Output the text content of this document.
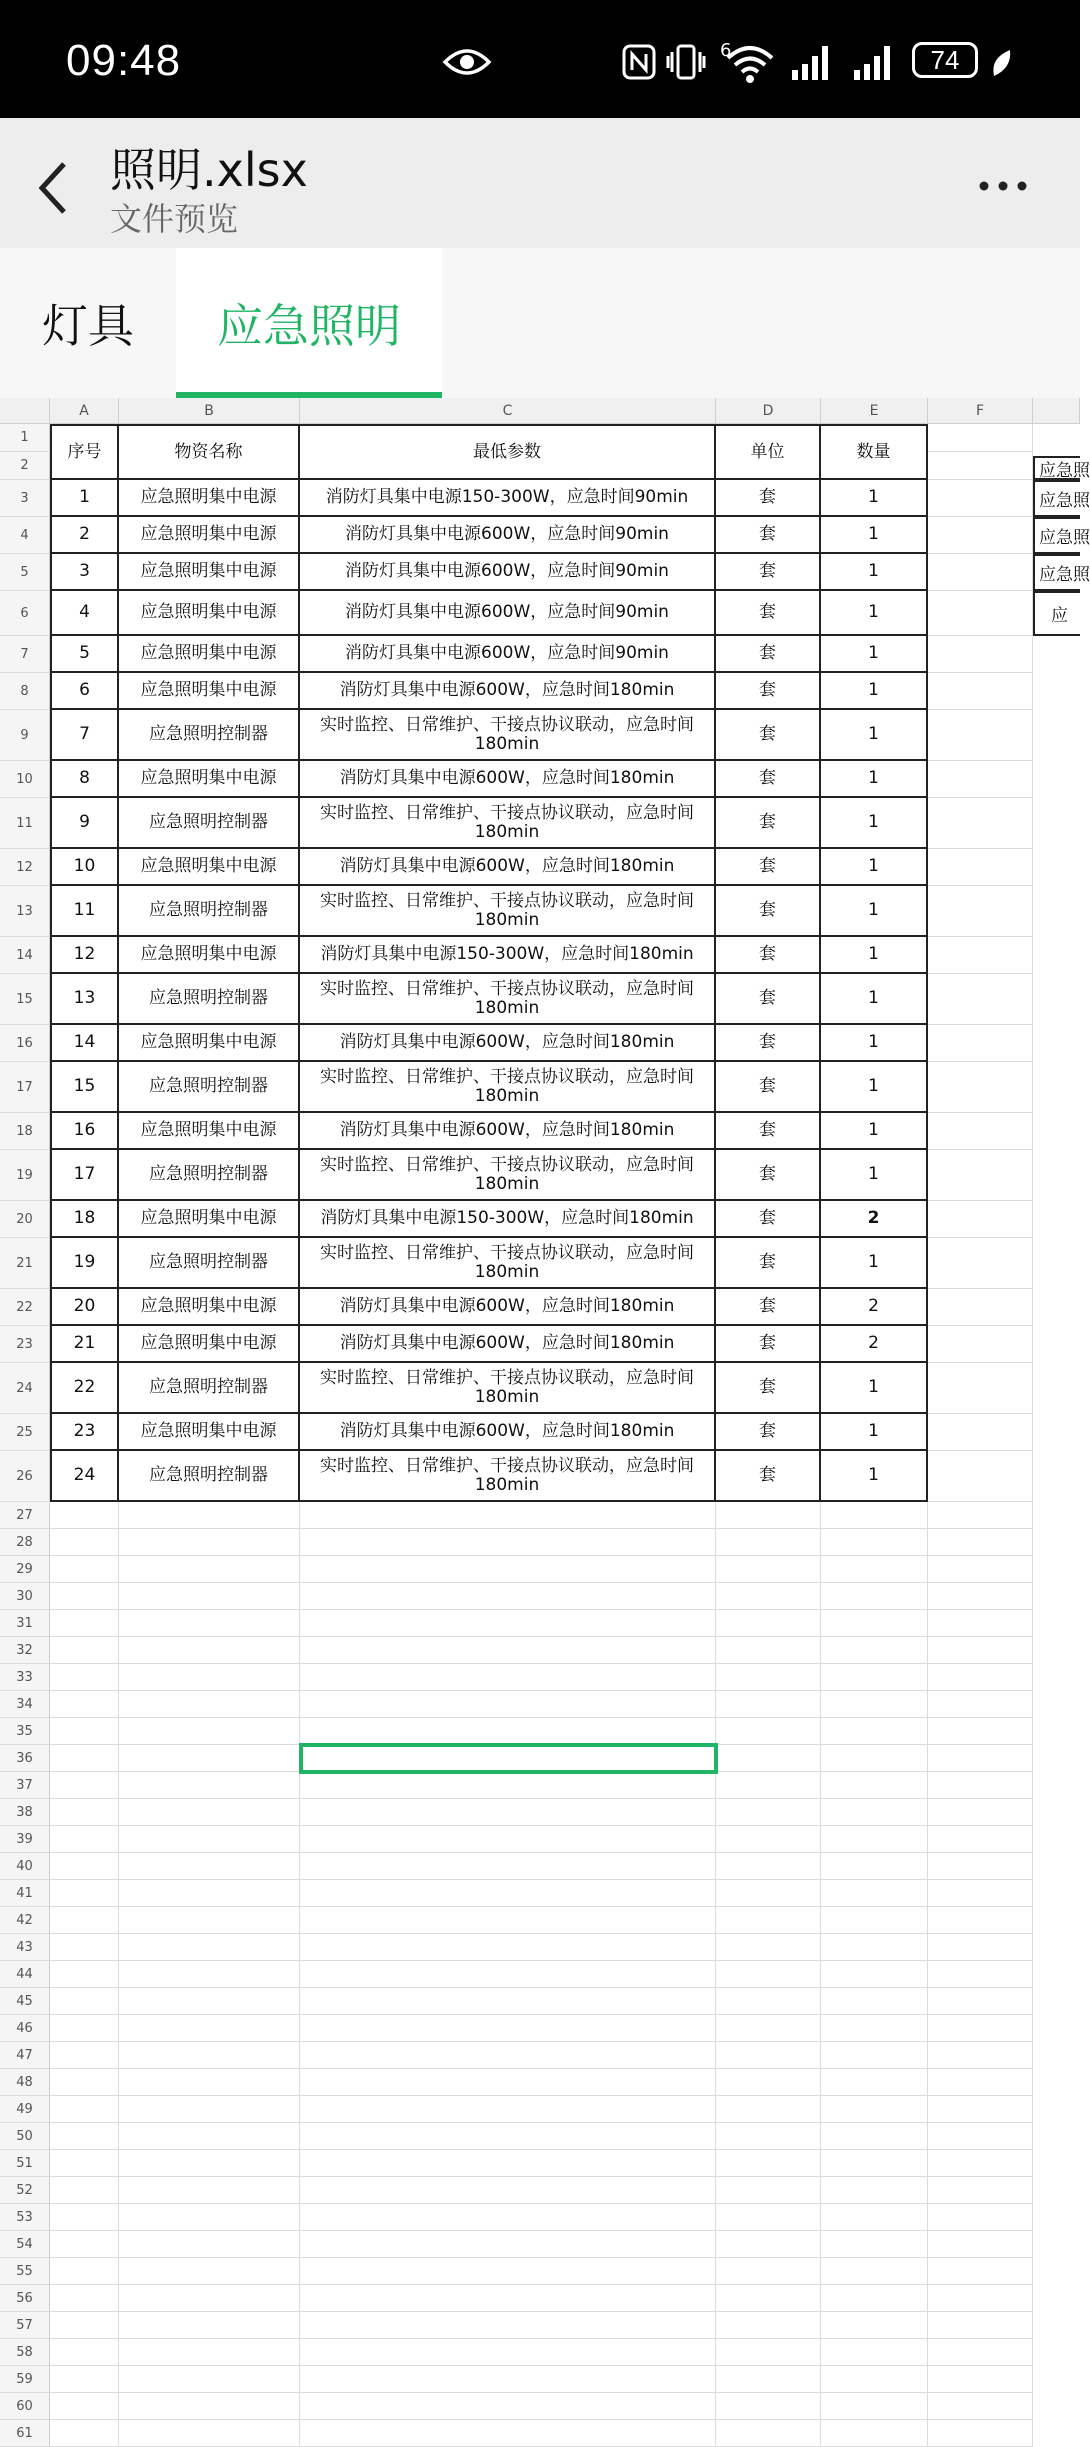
09:48	6	74
照明.xlsx
文件预览
灯具 应急照明
A	B	C	D	E	F
1
2
3
4
5
6
7
8
9
10
11
12
13
14
15
16
17
18
19
20
21
22
23
24
25
26
27
28
29
30
31
32
33
34
35
36
37
38
39
40
41
42
43
44
45
46
47
48
49
50
51
52
53
54
55
56
57
58
59
60
61
序号	物资名称	最低参数	单位	数量
1	应急照明集中电源	消防灯具集中电源150-300W，应急时间90min	套	1
2	应急照明集中电源	消防灯具集中电源600W，应急时间90min	套	1
3	应急照明集中电源	消防灯具集中电源600W，应急时间90min	套	1
4	应急照明集中电源	消防灯具集中电源600W，应急时间90min	套	1
5	应急照明集中电源	消防灯具集中电源600W，应急时间90min	套	1
6	应急照明集中电源	消防灯具集中电源600W，应急时间180min	套	1
7	应急照明控制器	实时监控、日常维护、干接点协议联动，应急时间180min	套	1
8	应急照明集中电源	消防灯具集中电源600W，应急时间180min	套	1
9	应急照明控制器	实时监控、日常维护、干接点协议联动，应急时间180min	套	1
10	应急照明集中电源	消防灯具集中电源600W，应急时间180min	套	1
11	应急照明控制器	实时监控、日常维护、干接点协议联动，应急时间180min	套	1
12	应急照明集中电源	消防灯具集中电源150-300W，应急时间180min	套	1
13	应急照明控制器	实时监控、日常维护、干接点协议联动，应急时间180min	套	1
14	应急照明集中电源	消防灯具集中电源600W，应急时间180min	套	1
15	应急照明控制器	实时监控、日常维护、干接点协议联动，应急时间180min	套	1
16	应急照明集中电源	消防灯具集中电源600W，应急时间180min	套	1
17	应急照明控制器	实时监控、日常维护、干接点协议联动，应急时间180min	套	1
18	应急照明集中电源	消防灯具集中电源150-300W，应急时间180min	套	2
19	应急照明控制器	实时监控、日常维护、干接点协议联动，应急时间180min	套	1
20	应急照明集中电源	消防灯具集中电源600W，应急时间180min	套	2
21	应急照明集中电源	消防灯具集中电源600W，应急时间180min	套	2
22	应急照明控制器	实时监控、日常维护、干接点协议联动，应急时间180min	套	1
23	应急照明集中电源	消防灯具集中电源600W，应急时间180min	套	1
24	应急照明控制器	实时监控、日常维护、干接点协议联动，应急时间180min	套	1
应急照
应急照
应急照
应急照
应
